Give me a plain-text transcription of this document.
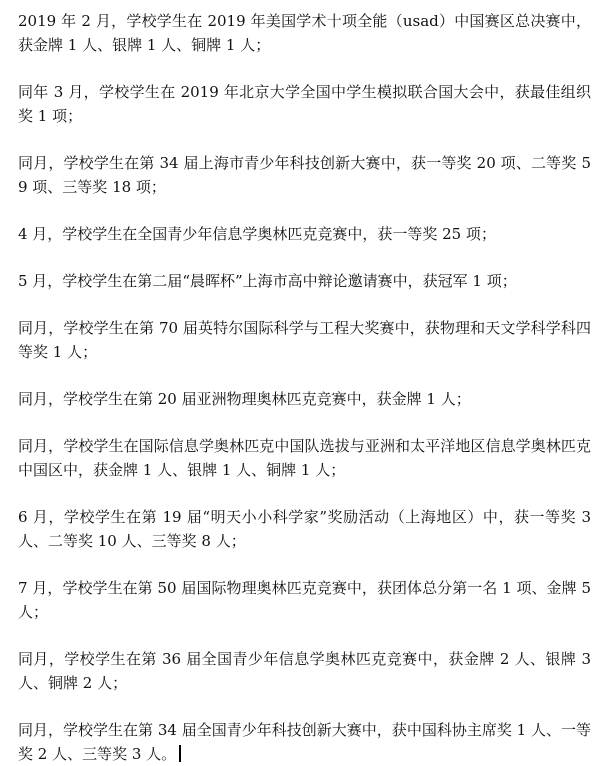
2019 年 2 月，学校学生在 2019 年美国学术十项全能（usad）中国赛区总决赛中，获金牌 1 人、银牌 1 人、铜牌 1 人；

同年 3 月，学校学生在 2019 年北京大学全国中学生模拟联合国大会中，获最佳组织奖 1 项；

同月，学校学生在第 34 届上海市青少年科技创新大赛中，获一等奖 20 项、二等奖 59 项、三等奖 18 项；

4 月，学校学生在全国青少年信息学奥林匹克竞赛中，获一等奖 25 项；

5 月，学校学生在第二届“晨晖杯”上海市高中辩论邀请赛中，获冠军 1 项；

同月，学校学生在第 70 届英特尔国际科学与工程大奖赛中，获物理和天文学科学科四等奖 1 人；

同月，学校学生在第 20 届亚洲物理奥林匹克竞赛中，获金牌 1 人；

同月，学校学生在国际信息学奥林匹克中国队选拔与亚洲和太平洋地区信息学奥林匹克中国区中，获金牌 1 人、银牌 1 人、铜牌 1 人；

6 月，学校学生在第 19 届“明天小小科学家”奖励活动（上海地区）中，获一等奖 3 人、二等奖 10 人、三等奖 8 人；

7 月，学校学生在第 50 届国际物理奥林匹克竞赛中，获团体总分第一名 1 项、金牌 5 人；

同月，学校学生在第 36 届全国青少年信息学奥林匹克竞赛中，获金牌 2 人、银牌 3 人、铜牌 2 人；

同月，学校学生在第 34 届全国青少年科技创新大赛中，获中国科协主席奖 1 人、一等奖 2 人、三等奖 3 人。
